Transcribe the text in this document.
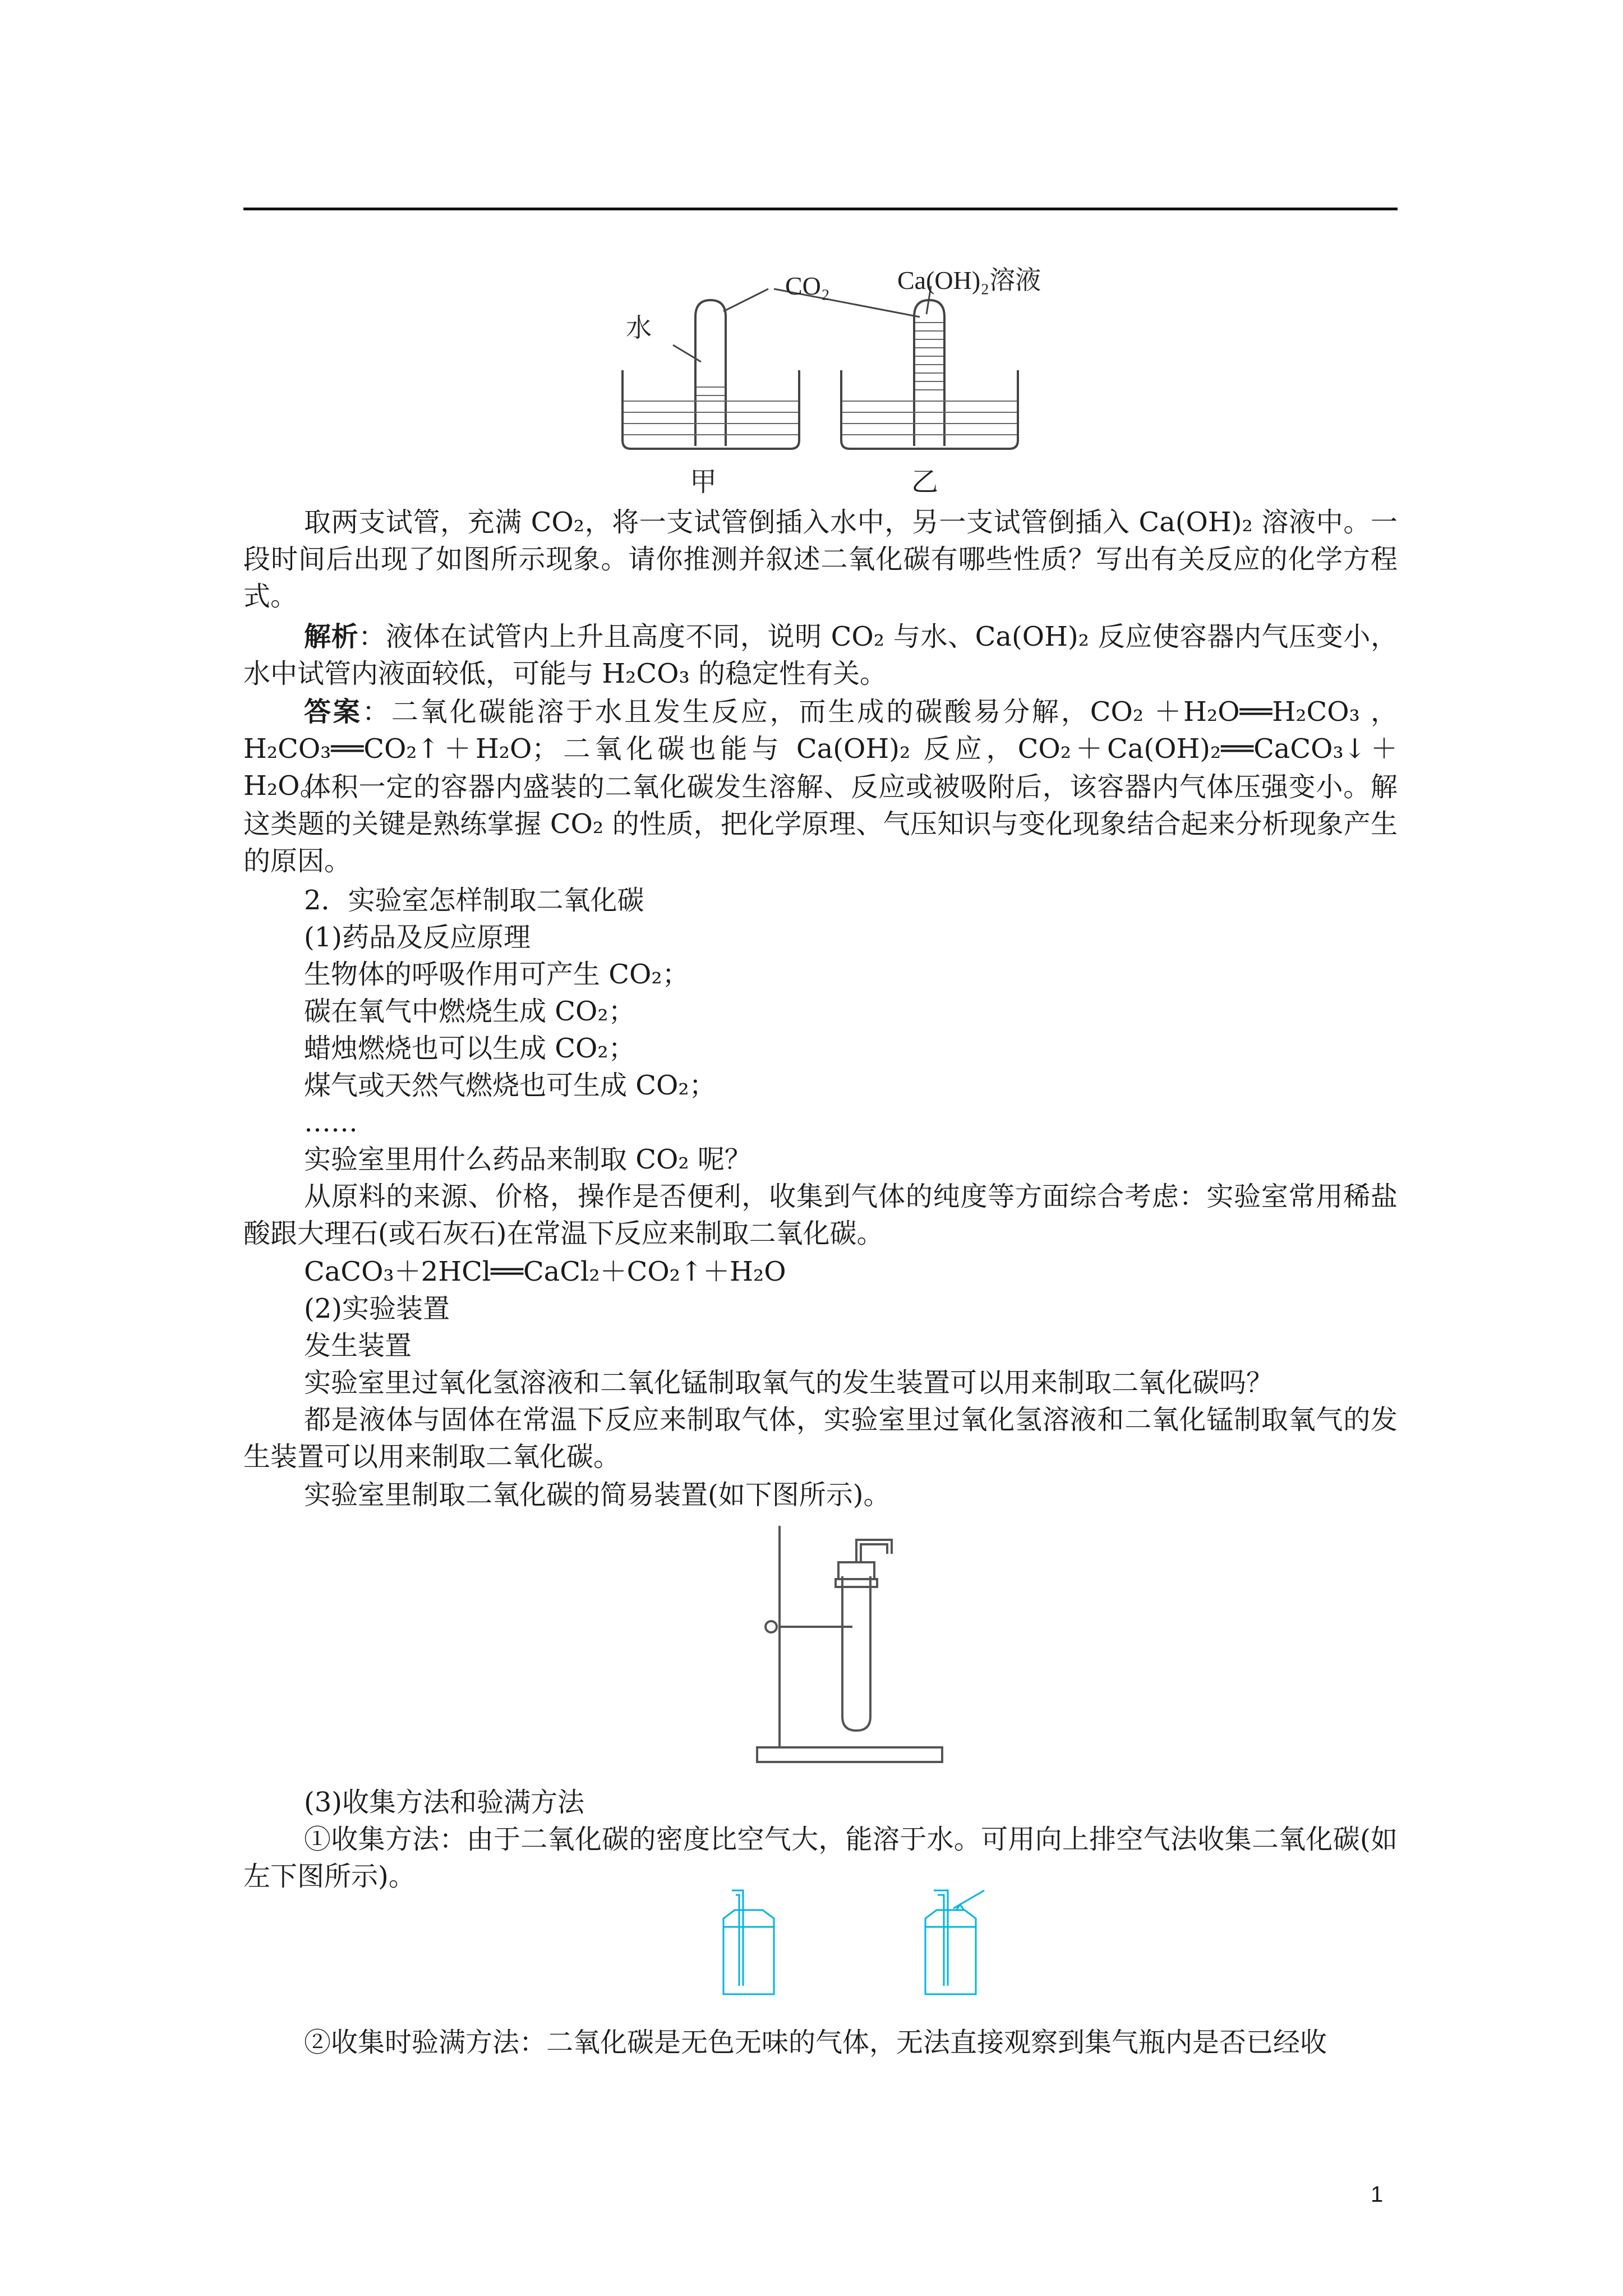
CO₂	Ca(OH)₂溶液
水
甲	乙

取两支试管，充满 CO₂，将一支试管倒插入水中，另一支试管倒插入 Ca(OH)₂ 溶液中。一段时间后出现了如图所示现象。请你推测并叙述二氧化碳有哪些性质？写出有关反应的化学方程式。

解析：液体在试管内上升且高度不同，说明 CO₂ 与水、Ca(OH)₂ 反应使容器内气压变小，水中试管内液面较低，可能与 H₂CO₃ 的稳定性有关。

答案：二氧化碳能溶于水且发生反应，而生成的碳酸易分解，CO₂ ＋H₂O══H₂CO₃ ，H₂CO₃══CO₂↑＋H₂O；二氧化碳也能与 Ca(OH)₂ 反应，CO₂＋Ca(OH)₂══CaCO₃↓＋H₂O。

体积一定的容器内盛装的二氧化碳发生溶解、反应或被吸附后，该容器内气体压强变小。解这类题的关键是熟练掌握 CO₂ 的性质，把化学原理、气压知识与变化现象结合起来分析现象产生的原因。

2．实验室怎样制取二氧化碳

(1)药品及反应原理

生物体的呼吸作用可产生 CO₂；

碳在氧气中燃烧生成 CO₂；

蜡烛燃烧也可以生成 CO₂；

煤气或天然气燃烧也可生成 CO₂；

……

实验室里用什么药品来制取 CO₂ 呢？

从原料的来源、价格，操作是否便利，收集到气体的纯度等方面综合考虑：实验室常用稀盐酸跟大理石(或石灰石)在常温下反应来制取二氧化碳。

CaCO₃＋2HCl══CaCl₂＋CO₂↑＋H₂O

(2)实验装置

发生装置

实验室里过氧化氢溶液和二氧化锰制取氧气的发生装置可以用来制取二氧化碳吗？

都是液体与固体在常温下反应来制取气体，实验室里过氧化氢溶液和二氧化锰制取氧气的发生装置可以用来制取二氧化碳。

实验室里制取二氧化碳的简易装置(如下图所示)。

(3)收集方法和验满方法

①收集方法：由于二氧化碳的密度比空气大，能溶于水。可用向上排空气法收集二氧化碳(如左下图所示)。

②收集时验满方法：二氧化碳是无色无味的气体，无法直接观察到集气瓶内是否已经收

1
